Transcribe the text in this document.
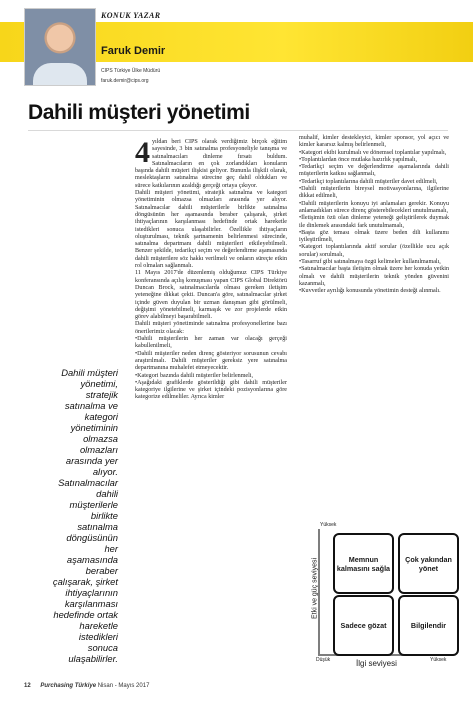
KONUK YAZAR
Faruk Demir
CIPS Türkiye Ülke Müdürü
faruk.demir@cips.org
Dahili müşteri yönetimi
Dahili müşteri yönetimi, stratejik satınalma ve kategori yönetiminin olmazsa olmazları arasında yer alıyor. Satınalmacılar dahili müşterilerle birlikte satınalma döngüsünün her aşamasında beraber çalışarak, şirket ihtiyaçlarının karşılanması hedefinde ortak hareketle istedikleri sonuca ulaşabilirler.
4 yıldan beri CIPS olarak verdiğimiz birçok eğitim sayesinde, 3 bin satınalma profesyoneliyle tanışma ve satınalmacıları dinleme fırsatı buldum. Satınalmacıların en çok zorlandıkları konuların başında dahili müşteri ilişkisi geliyor. Bununla ilişkili olarak, meslektaşların satınalma sürecine geç dahil oldukları ve sürece katkılarının azaldığı gerçeği ortaya çıkıyor.

Dahili müşteri yönetimi, stratejik satınalma ve kategori yönetiminin olmazsa olmazları arasında yer alıyor. Satınalmacılar dahili müşterilerle birlikte satınalma döngüsünün her aşamasında beraber çalışarak, şirket ihtiyaçlarının karşılanması hedefinde ortak hareketle istedikleri sonuca ulaşabilirler. Özellikle ihtiyaçların oluşturulması, teknik şartnamenin belirlenmesi sürecinde, satınalma departmanı dahili müşterileri etkileyebilmeli. Benzer şekilde, tedarikçi seçim ve değerlendirme aşamasında dahili müşterilere söz hakkı verilmeli ve onların süreçte etkin rol olmaları sağlanmalı.

11 Mayıs 2017'de düzenlemiş olduğumuz CIPS Türkiye konferansında açılış konuşması yapan CIPS Global Direktörü Duncan Brock, satınalmacılarda olması gereken iletişim yeteneğine dikkat çekti. Duncan'a göre, satınalmacılar şirket içinde güven duyulan bir uzman danışman gibi görülmeli, değişimi yönetebilmeli, karmaşık ve zor projelerde etkin görev alabilmeyi başarabilmeli.

Dahili müşteri yönetiminde satınalma profesyonellerine bazı önerilerimiz olacak:

• Dahili müşterilerin her zaman var olacağı gerçeği kabullenilmeli,
• Dahili müşteriler neden direnç gösteriyor sorusunun cevabı araştırılmalı. Dahili müşteriler gereksiz yere satınalma departmanına muhalefet etmeyecektir.
• Kategori bazında dahili müşteriler belirlenmeli,
• Aşağıdaki grafiklerde gösterildiği gibi dahili müşteriler kategoriye ilgilerine ve şirket içindeki pozisyonlarına göre kategorize edilmeliler. Ayrıca kimler

muhalif, kimler destekleyici, kimler sponsor, yol açıcı ve kimler kararsız kalmış belirlenmeli,

• Kategori ekibi kurulmalı ve dönemsel toplantılar yapılmalı,
• Toplantılardan önce mutlaka hazırlık yapılmalı,
• Tedarikçi seçim ve değerlendirme aşamalarında dahili müşterilerin katkısı sağlanmalı,
• Tedarikçi toplantılarına dahili müşteriler davet edilmeli,
• Dahili müşterilerin bireysel motivasyonlarına, ilgilerine dikkat edilmeli,
• Dahili müşterilerin konuyu iyi anlamaları gerekir. Konuyu anlamadıkları sürece direnç gösterebilecekleri unutulmamalı,
• İletişimin özü olan dinleme yeteneği geliştirilerek duymak ile dinlemek arasındaki fark unutulmamalı,
• Başta göz teması olmak üzere beden dili kullanımı iyileştirilmeli,
• Kategori toplantılarında aktif sorular (özellikle ucu açık sorular) sorulmalı,
• Tasarruf gibi satınalmaya özgü kelimeler kullanılmamalı,
• Satınalmacılar başta iletişim olmak üzere her konuda yetkin olmalı ve dahili müşterilerin teknik yönden güvenini kazanmalı,
• Kuvvetler ayrılığı konusunda yönetimin desteği alınmalı.
Yüksek
Düşük	Yüksek
Etki ve güç seviyesi
İlgi seviyesi
Memnun kalmasını sağla
Çok yakından yönet
Sadece gözat	Bilgilendir
12 Purchasing Türkiye Nisan - Mayıs 2017
